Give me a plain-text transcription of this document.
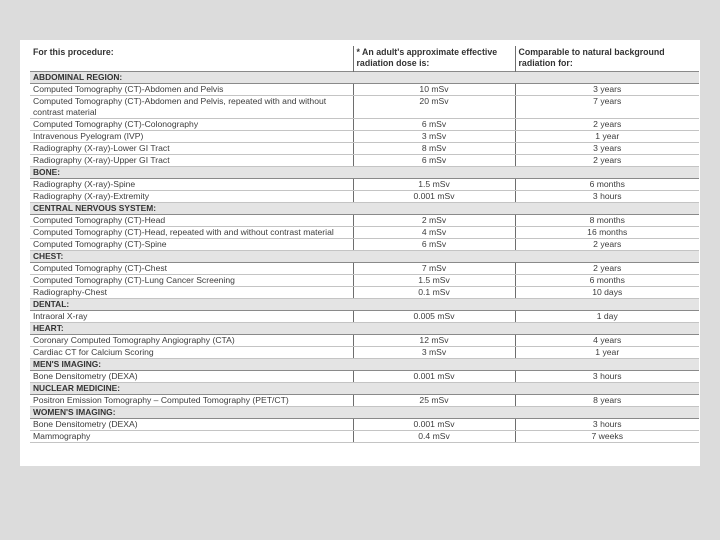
For this procedure:	* An adult's approximate effective radiation dose is:	Comparable to natural background radiation for:
ABDOMINAL REGION:		
Computed Tomography (CT)-Abdomen and Pelvis	10 mSv	3 years
Computed Tomography (CT)-Abdomen and Pelvis, repeated with and without contrast material	20 mSv	7 years
Computed Tomography (CT)-Colonography	6 mSv	2 years
Intravenous Pyelogram (IVP)	3 mSv	1 year
Radiography (X-ray)-Lower GI Tract	8 mSv	3 years
Radiography (X-ray)-Upper GI Tract	6 mSv	2 years
BONE:		
Radiography (X-ray)-Spine	1.5 mSv	6 months
Radiography (X-ray)-Extremity	0.001 mSv	3 hours
CENTRAL NERVOUS SYSTEM:		
Computed Tomography (CT)-Head	2 mSv	8 months
Computed Tomography (CT)-Head, repeated with and without contrast material	4 mSv	16 months
Computed Tomography (CT)-Spine	6 mSv	2 years
CHEST:		
Computed Tomography (CT)-Chest	7 mSv	2 years
Computed Tomography (CT)-Lung Cancer Screening	1.5 mSv	6 months
Radiography-Chest	0.1 mSv	10 days
DENTAL:		
Intraoral X-ray	0.005 mSv	1 day
HEART:		
Coronary Computed Tomography Angiography (CTA)	12 mSv	4 years
Cardiac CT for Calcium Scoring	3 mSv	1 year
MEN'S IMAGING:		
Bone Densitometry (DEXA)	0.001 mSv	3 hours
NUCLEAR MEDICINE:		
Positron Emission Tomography – Computed Tomography (PET/CT)	25 mSv	8 years
WOMEN'S IMAGING:		
Bone Densitometry (DEXA)	0.001 mSv	3 hours
Mammography	0.4 mSv	7 weeks
